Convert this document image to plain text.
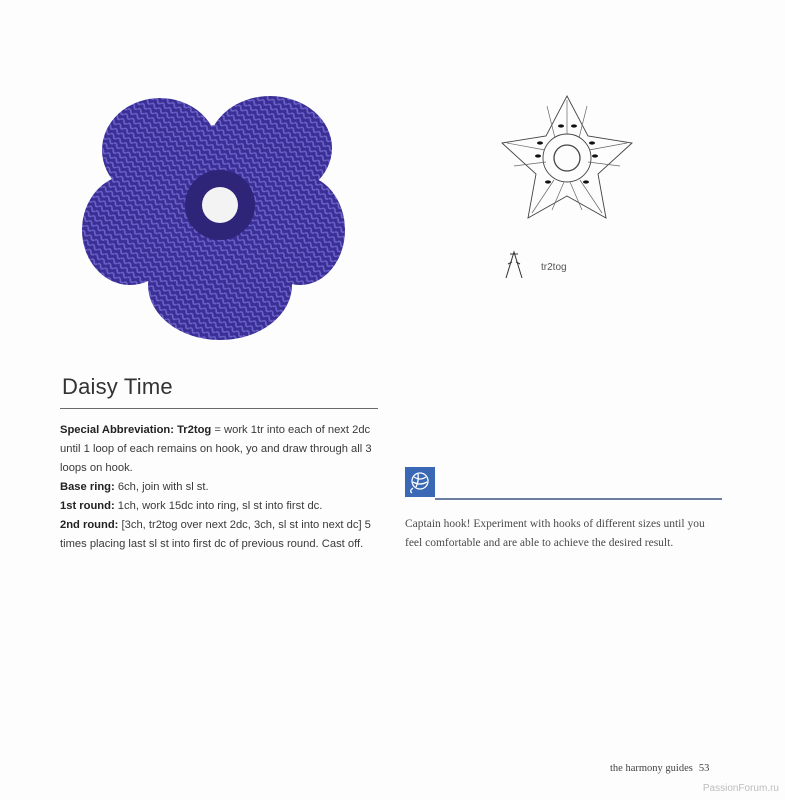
tr2tog
Daisy Time

Special Abbreviation: Tr2tog = work 1tr into each of next 2dc until 1 loop of each remains on hook, yo and draw through all 3 loops on hook.

Base ring: 6ch, join with sl st.

1st round: 1ch, work 15dc into ring, sl st into first dc.

2nd round: [3ch, tr2tog over next 2dc, 3ch, sl st into next dc] 5 times placing last sl st into first dc of previous round. Cast off.

Captain hook! Experiment with hooks of different sizes until you feel comfortable and are able to achieve the desired result.
the harmony guides 53
PassionForum.ru
